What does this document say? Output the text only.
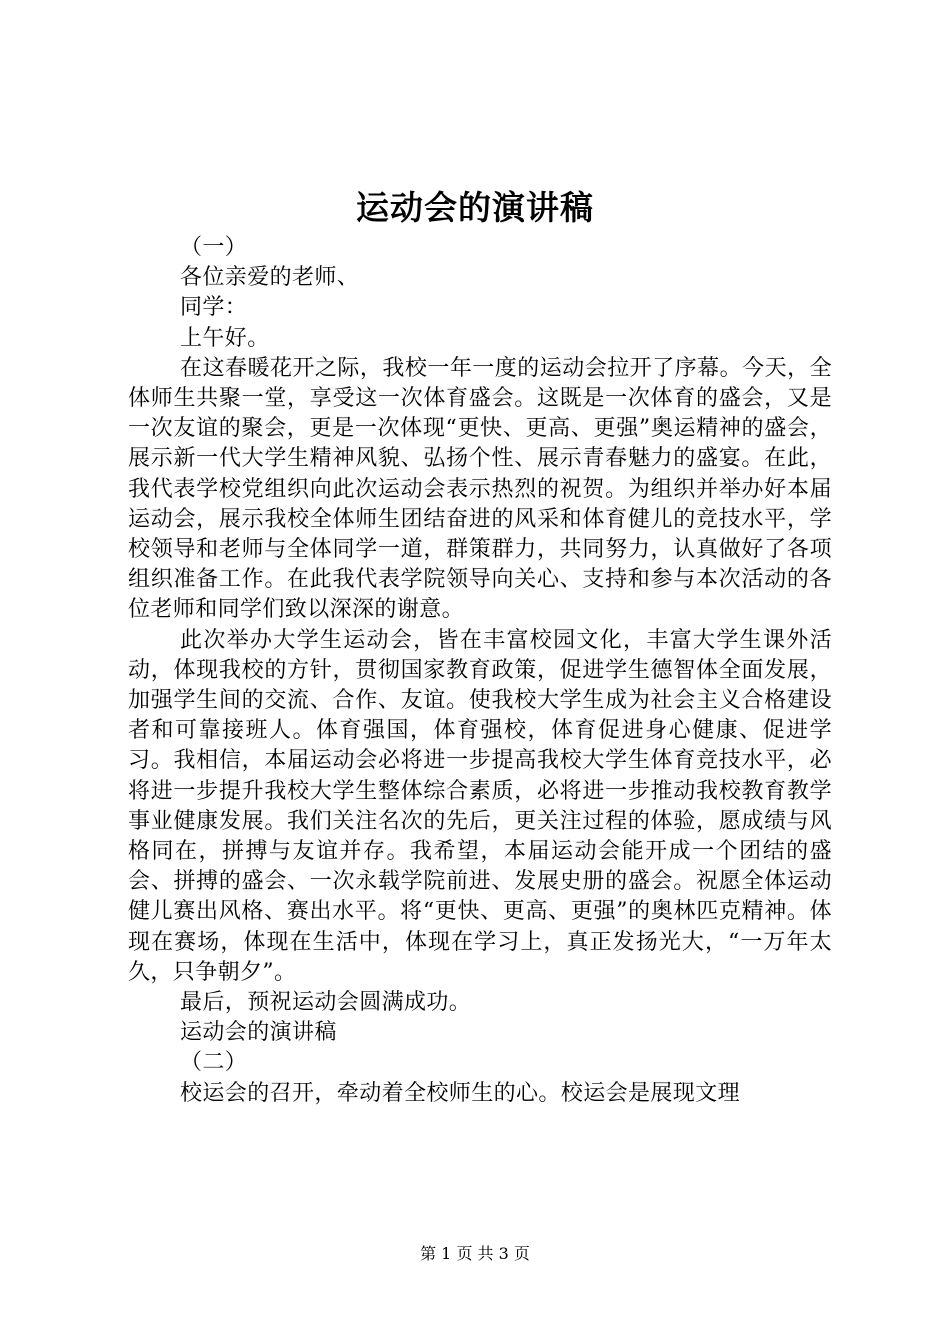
运动会的演讲稿

（一）

各位亲爱的老师、

同学：

上午好。

在这春暖花开之际，我校一年一度的运动会拉开了序幕。今天，全体师生共聚一堂，享受这一次体育盛会。这既是一次体育的盛会，又是一次友谊的聚会，更是一次体现“更快、更高、更强”奥运精神的盛会，展示新一代大学生精神风貌、弘扬个性、展示青春魅力的盛宴。在此，我代表学校党组织向此次运动会表示热烈的祝贺。为组织并举办好本届运动会，展示我校全体师生团结奋进的风采和体育健儿的竞技水平，学校领导和老师与全体同学一道，群策群力，共同努力，认真做好了各项组织准备工作。在此我代表学院领导向关心、支持和参与本次活动的各位老师和同学们致以深深的谢意。

此次举办大学生运动会，皆在丰富校园文化，丰富大学生课外活动，体现我校的方针，贯彻国家教育政策，促进学生德智体全面发展，加强学生间的交流、合作、友谊。使我校大学生成为社会主义合格建设者和可靠接班人。体育强国，体育强校，体育促进身心健康、促进学习。我相信，本届运动会必将进一步提高我校大学生体育竞技水平，必将进一步提升我校大学生整体综合素质，必将进一步推动我校教育教学事业健康发展。我们关注名次的先后，更关注过程的体验，愿成绩与风格同在，拼搏与友谊并存。我希望，本届运动会能开成一个团结的盛会、拼搏的盛会、一次永载学院前进、发展史册的盛会。祝愿全体运动健儿赛出风格、赛出水平。将“更快、更高、更强”的奥林匹克精神。体现在赛场，体现在生活中，体现在学习上，真正发扬光大，“一万年太久，只争朝夕”。

最后，预祝运动会圆满成功。

运动会的演讲稿

（二）

校运会的召开，牵动着全校师生的心。校运会是展现文理

第 1 页 共 3 页
